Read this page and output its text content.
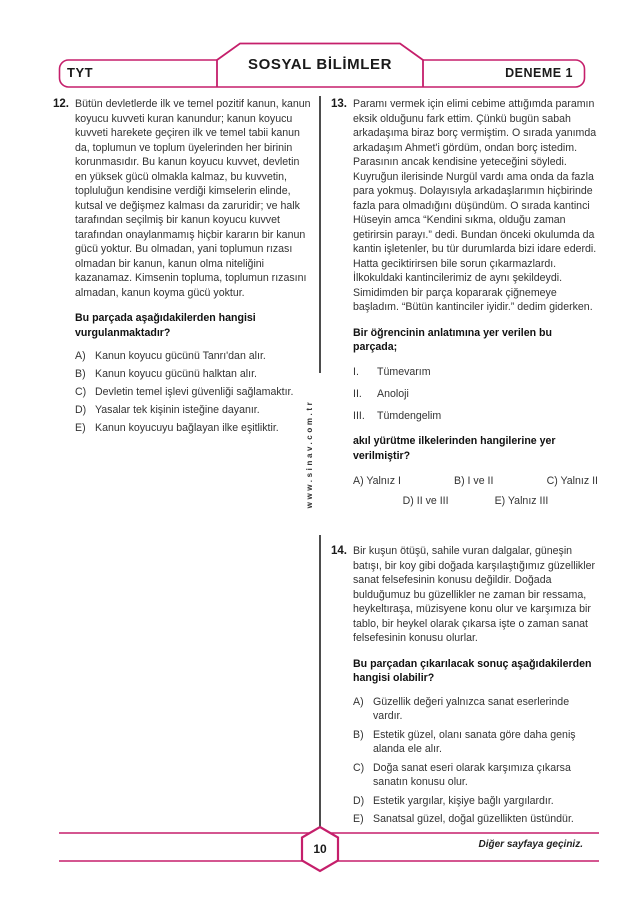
TYT	SOSYAL BİLİMLER	DENEME 1
www.sinav.com.tr
12. Bütün devletlerde ilk ve temel pozitif kanun, kanun koyucu kuvveti kuran kanundur; kanun koyucu kuvveti harekete geçiren ilk ve temel tabii kanun da, toplumun ve toplum üyelerinden her birinin korunmasıdır. Bu kanun koyucu kuvvet, devletin en yüksek gücü olmakla kalmaz, bu kuvvetin, topluluğun kendisine verdiği kimselerin elinde, kutsal ve değişmez kalması da zaruridir; ve halk tarafından seçilmiş bir kanun koyucu kuvvet tarafından onaylanmamış hiçbir kararın bir kanun gücü yoktur. Bu olmadan, yani toplumun rızası olmadan bir kanun, kanun olma niteliğini kazanamaz. Kimsenin topluma, toplumun rızasını almadan, kanun koyma gücü yoktur.

Bu parçada aşağıdakilerden hangisi vurgulanmaktadır?
A) Kanun koyucu gücünü Tanrı'dan alır.
B) Kanun koyucu gücünü halktan alır.
C) Devletin temel işlevi güvenliği sağlamaktır.
D) Yasalar tek kişinin isteğine dayanır.
E) Kanun koyucuyu bağlayan ilke eşitliktir.
13. Paramı vermek için elimi cebime attığımda paramın eksik olduğunu fark ettim. Çünkü bugün sabah arkadaşıma biraz borç vermiştim. O sırada yanımda arkadaşım Ahmet'i gördüm, ondan borç istedim. Parasının ancak kendisine yeteceğini söyledi. Kuyruğun ilerisinde Nurgül vardı ama onda da fazla para yokmuş. Dolayısıyla arkadaşlarımın hiçbirinde fazla para olmadığını düşündüm. O sırada kantinci Hüseyin amca “Kendini sıkma, olduğu zaman getirirsin parayı.” dedi. Bundan önceki okulumda da kantin işletenler, bu tür durumlarda bizi idare ederdi. Hatta geciktirirsen bile sorun çıkarmazlardı. İlkokuldaki kantincilerimiz de aynı şekildeydi. Simidimden bir parça kopararak çiğnemeye başladım. “Bütün kantinciler iyidir.” dedim giderken.

Bir öğrencinin anlatımına yer verilen bu parçada;
I.	Tümevarım
II.	Anoloji
III.	Tümdengelim
akıl yürütme ilkelerinden hangilerine yer verilmiştir?
A) Yalnız I	B) I ve II	C) Yalnız II
D) II ve III	E) Yalnız III
14. Bir kuşun ötüşü, sahile vuran dalgalar, güneşin batışı, bir koy gibi doğada karşılaştığımız güzellikler sanat felsefesinin konusu değildir. Doğada bulduğumuz bu güzellikler ne zaman bir ressama, heykeltıraşa, müzisyene konu olur ve karşımıza bir tablo, bir heykel olarak çıkarsa işte o zaman sanat felsefesinin konusu olurlar.

Bu parçadan çıkarılacak sonuç aşağıdakilerden hangisi olabilir?
A) Güzellik değeri yalnızca sanat eserlerinde vardır.
B) Estetik güzel, olanı sanata göre daha geniş alanda ele alır.
C) Doğa sanat eseri olarak karşımıza çıkarsa sanatın konusu olur.
D) Estetik yargılar, kişiye bağlı yargılardır.
E) Sanatsal güzel, doğal güzellikten üstündür.
10	Diğer sayfaya geçiniz.
